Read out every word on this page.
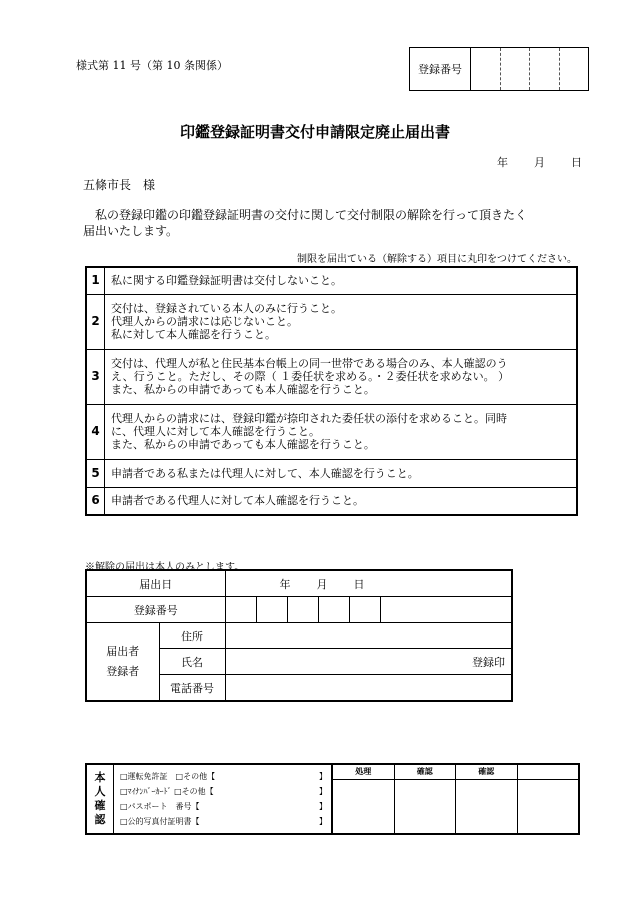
様式第 11 号（第 10 条関係）	登録番号
印鑑登録証明書交付申請限定廃止届出書
年 月 日
五條市長　様
私の登録印鑑の印鑑登録証明書の交付に関して交付制限の解除を行って頂きたく
届出いたします。
制限を届出ている（解除する）項目に丸印をつけてください。
1	私に関する印鑑登録証明書は交付しないこと。

2	交付は、登録されている本人のみに行うこと。
代理人からの請求には応じないこと。
私に対して本人確認を行うこと。

3	交付は、代理人が私と住民基本台帳上の同一世帯である場合のみ、本人確認のう
え、行うこと。ただし、その際（ １委任状を求める。・２委任状を求めない。 ）
また、私からの申請であっても本人確認を行うこと。

4	代理人からの請求には、登録印鑑が捺印された委任状の添付を求めること。同時
に、代理人に対して本人確認を行うこと。
また、私からの申請であっても本人確認を行うこと。

5	申請者である私または代理人に対して、本人確認を行うこと。

6	申請者である代理人に対して本人確認を行うこと。
※解除の届出は本人のみとします。
届出日		年 月 日
登録番号		

届出者
登録者	住所	
	氏名	登録印
	電話番号	
本
人
確
認
□運転免許証　□その他【	】
□ﾏｲﾅﾝﾊﾞｰｶｰﾄﾞ □その他【	】
□パスポート　番号【	】
□公的写真付証明書【	】
処理	確認	確認
